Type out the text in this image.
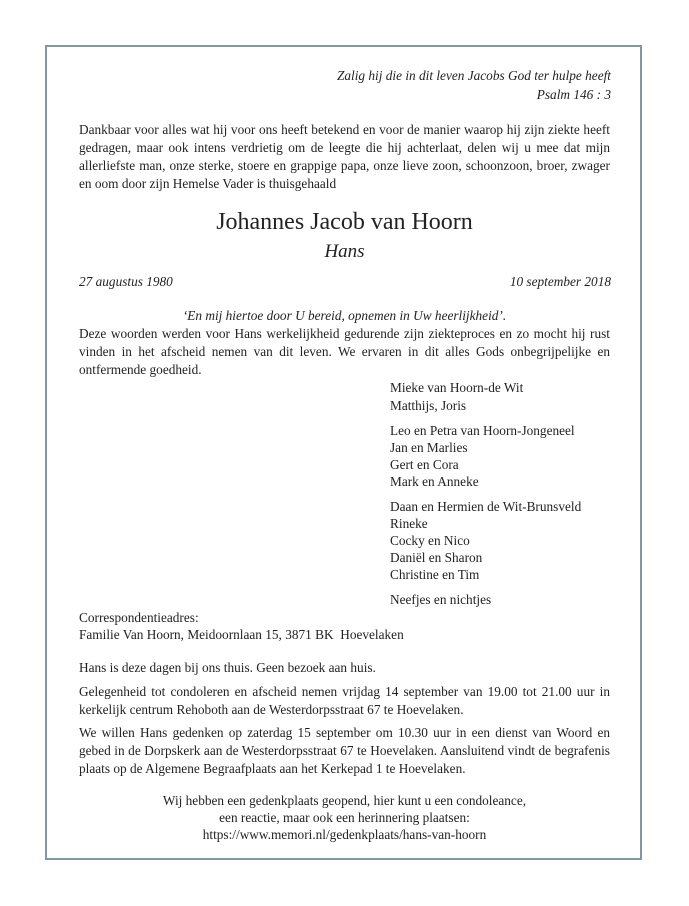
Zalig hij die in dit leven Jacobs God ter hulpe heeft
Psalm 146 : 3
Dankbaar voor alles wat hij voor ons heeft betekend en voor de manier waarop hij zijn ziekte heeft gedragen, maar ook intens verdrietig om de leegte die hij achterlaat, delen wij u mee dat mijn allerliefste man, onze sterke, stoere en grappige papa, onze lieve zoon, schoonzoon, broer, zwager en oom door zijn Hemelse Vader is thuisgehaald
Johannes Jacob van Hoorn
Hans
27 augustus 1980	10 september 2018
‘En mij hiertoe door U bereid, opnemen in Uw heerlijkheid’.
Deze woorden werden voor Hans werkelijkheid gedurende zijn ziekteproces en zo mocht hij rust vinden in het afscheid nemen van dit leven. We ervaren in dit alles Gods onbegrijpelijke en ontfermende goedheid.
Mieke van Hoorn-de Wit
Matthijs, Joris
Leo en Petra van Hoorn-Jongeneel
Jan en Marlies
Gert en Cora
Mark en Anneke
Daan en Hermien de Wit-Brunsveld
Rineke
Cocky en Nico
Daniël en Sharon
Christine en Tim
Neefjes en nichtjes
Correspondentieadres:
Familie Van Hoorn, Meidoornlaan 15, 3871 BK  Hoevelaken
Hans is deze dagen bij ons thuis. Geen bezoek aan huis.
Gelegenheid tot condoleren en afscheid nemen vrijdag 14 september van 19.00 tot 21.00 uur in kerkelijk centrum Rehoboth aan de Westerdorpsstraat 67 te Hoevelaken.
We willen Hans gedenken op zaterdag 15 september om 10.30 uur in een dienst van Woord en gebed in de Dorpskerk aan de Westerdorpsstraat 67 te Hoevelaken. Aansluitend vindt de begrafenis plaats op de Algemene Begraafplaats aan het Kerkepad 1 te Hoevelaken.
Wij hebben een gedenkplaats geopend, hier kunt u een condoleance,
een reactie, maar ook een herinnering plaatsen:
https://www.memori.nl/gedenkplaats/hans-van-hoorn
